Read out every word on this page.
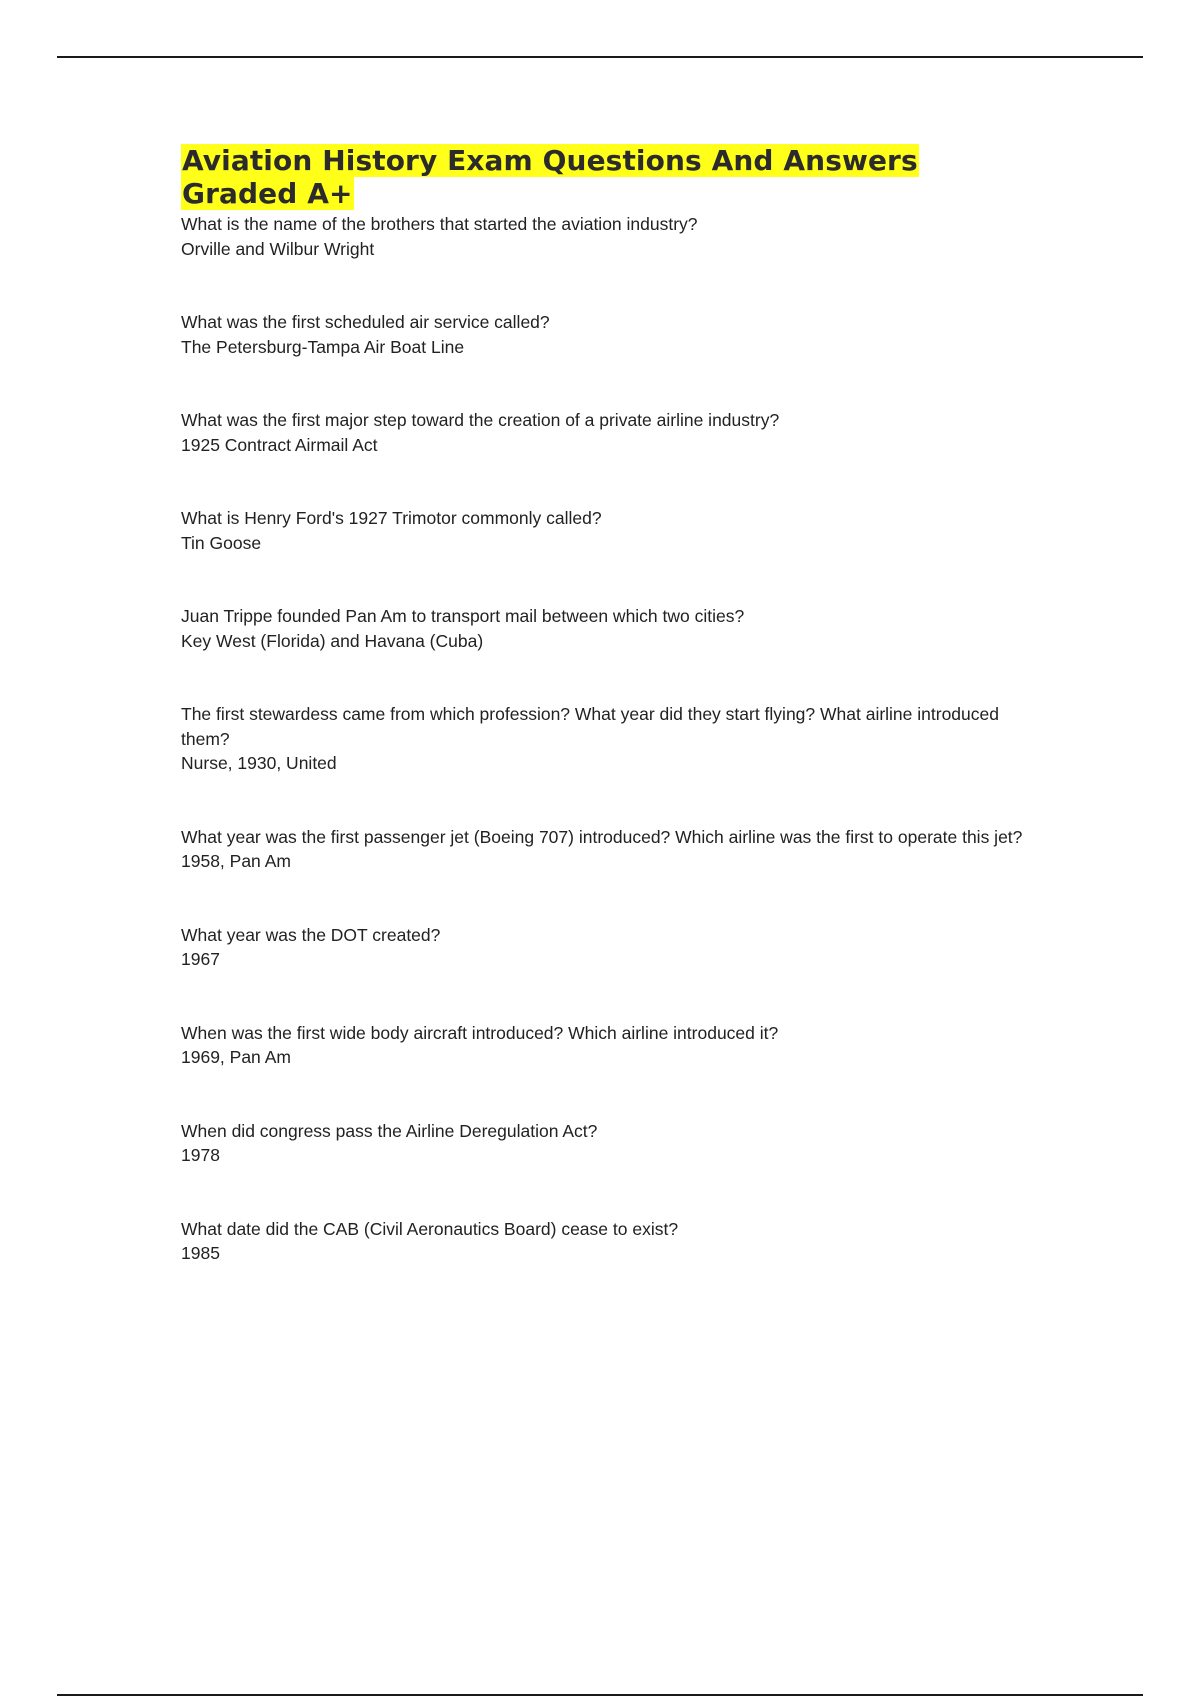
Aviation History Exam Questions And Answers Graded A+
What is the name of the brothers that started the aviation industry?
Orville and Wilbur Wright
What was the first scheduled air service called?
The Petersburg-Tampa Air Boat Line
What was the first major step toward the creation of a private airline industry?
1925 Contract Airmail Act
What is Henry Ford's 1927 Trimotor commonly called?
Tin Goose
Juan Trippe founded Pan Am to transport mail between which two cities?
Key West (Florida) and Havana (Cuba)
The first stewardess came from which profession? What year did they start flying? What airline introduced them?
Nurse, 1930, United
What year was the first passenger jet (Boeing 707) introduced? Which airline was the first to operate this jet?
1958, Pan Am
What year was the DOT created?
1967
When was the first wide body aircraft introduced? Which airline introduced it?
1969, Pan Am
When did congress pass the Airline Deregulation Act?
1978
What date did the CAB (Civil Aeronautics Board) cease to exist?
1985
